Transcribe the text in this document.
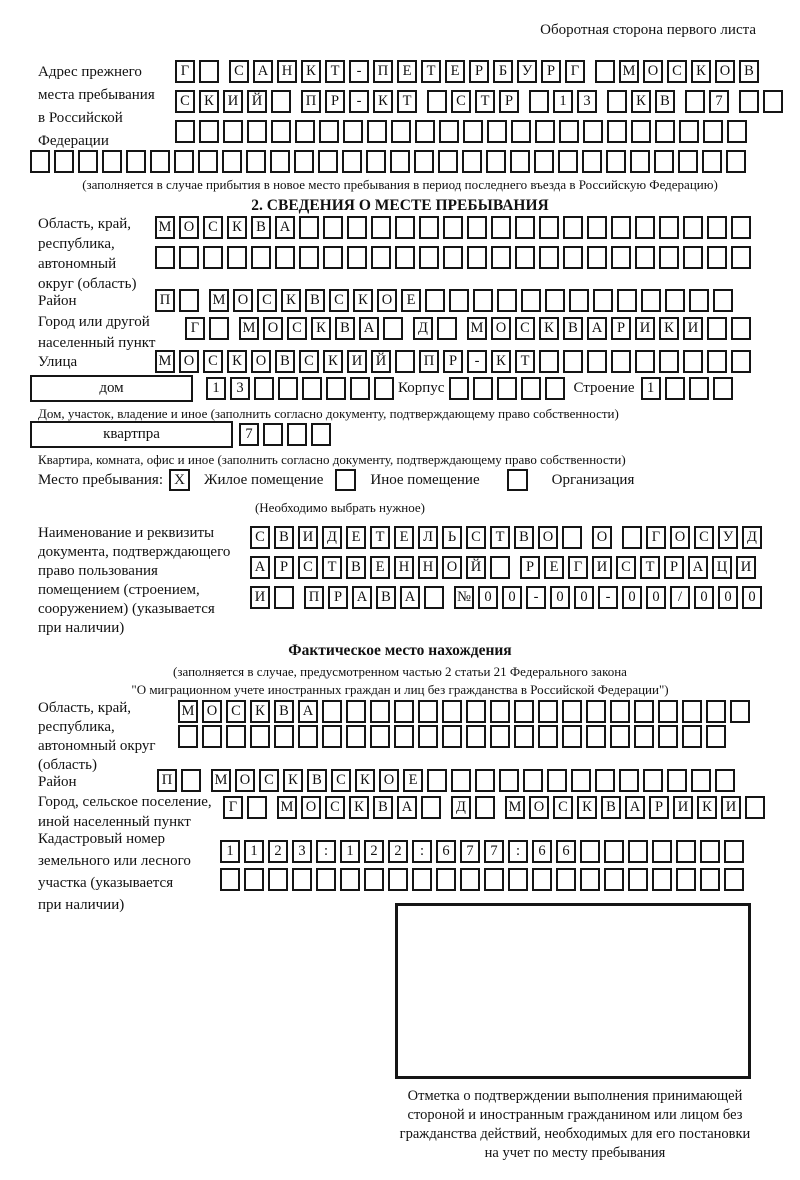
Оборотная сторона первого листа
Адрес прежнего
места пребывания
в Российской
Федерации
Г	С А Н К Т - П Е Т Е Р Б У Р Г	М О С К О В
С К И Й	П Р - К Т	С Т Р	1 3	К В	7
(заполняется в случае прибытия в новое место пребывания в период последнего въезда в Российскую Федерацию)
2. СВЕДЕНИЯ О МЕСТЕ ПРЕБЫВАНИЯ
Область, край,
республика,
автономный
округ (область)
М О С К В А
Район	П	М О С К В С К О Е
Город или другой
населенный пункт
Г	М О С К В А	Д	М О С К В А Р И К И
Улица	М О С К О В С К И Й	П Р - К Т
дом	1 3	Корпус	Строение 1
Дом, участок, владение и иное (заполнить согласно документу, подтверждающему право собственности)
квартпра	7
Квартира, комната, офис и иное (заполнить согласно документу, подтверждающему право собственности)
Место пребывания: X	Жилое помещение	Иное помещение	Организация
(Необходимо выбрать нужное)
Наименование и реквизиты
документа, подтверждающего
право пользования
помещением (строением,
сооружением) (указывается
при наличии)
С В И Д Е Т Е Л Ь С Т В О	О	Г О С У Д
А Р С Т В Е Н Н О Й	Р Е Г И С Т Р А Ц И
И	П Р А В А	№ 0 0 - 0 0 - 0 0 / 0 0 0
Фактическое место нахождения
(заполняется в случае, предусмотренном частью 2 статьи 21 Федерального закона
"О миграционном учете иностранных граждан и лиц без гражданства в Российской Федерации")
Область, край,
республика,
автономный округ
(область)
М О С К В А
Район	П	М О С К В С К О Е
Город, сельское поселение,
иной населенный пункт
Г	М О С К В А	Д	М О С К В А Р И К И
Кадастровый номер
земельного или лесного
участка (указывается
при наличии)
1 1 2 3 : 1 2 2 : 6 7 7 : 6 6
Отметка о подтверждении выполнения принимающей
стороной и иностранным гражданином или лицом без
гражданства действий, необходимых для его постановки
на учет по месту пребывания
